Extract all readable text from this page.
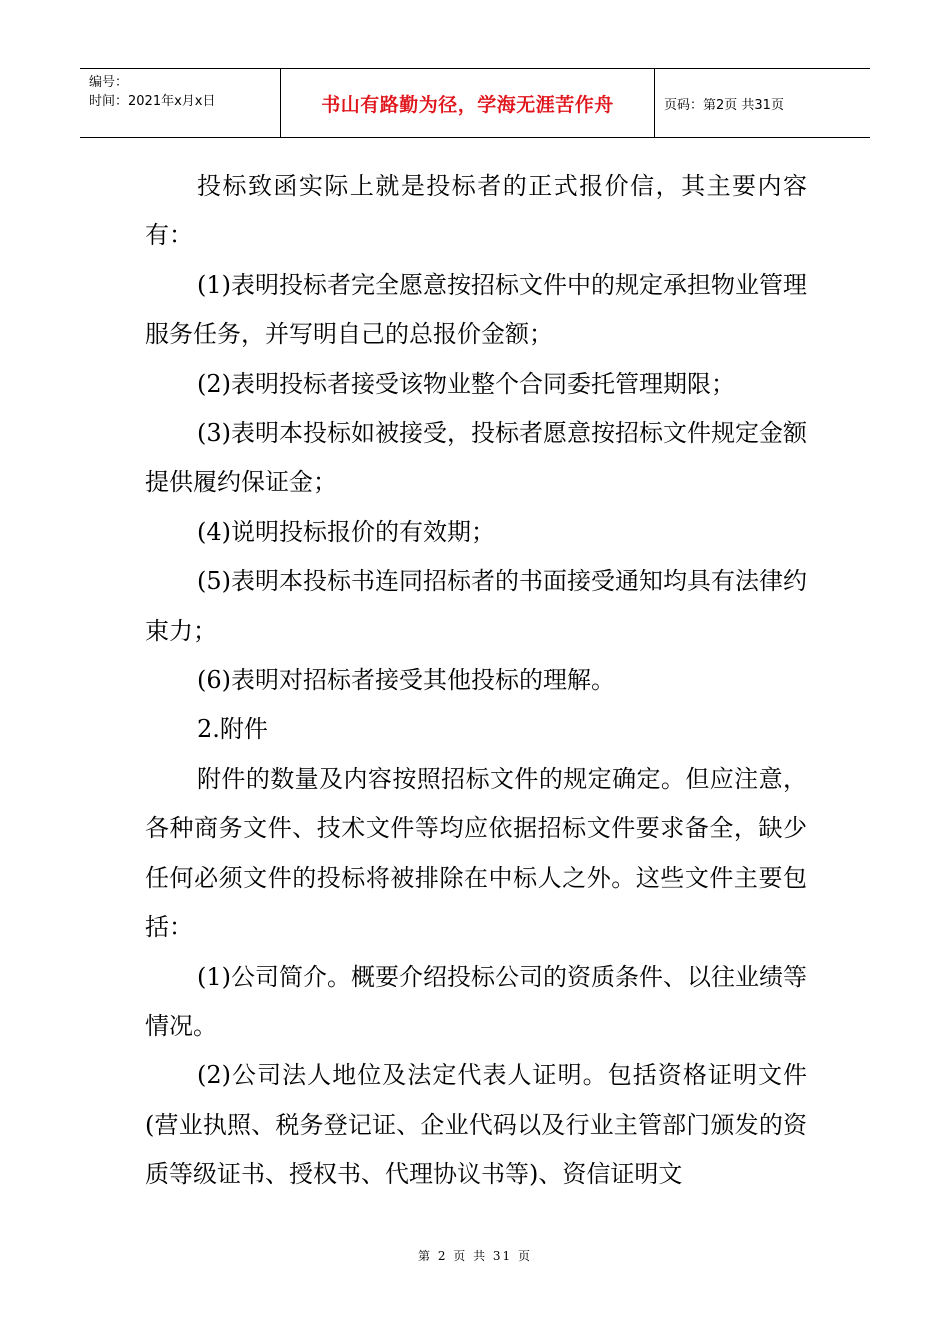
编号：
时间：2021年x月x日	书山有路勤为径，学海无涯苦作舟	页码：第2页 共31页

投标致函实际上就是投标者的正式报价信，其主要内容有：

(1)表明投标者完全愿意按招标文件中的规定承担物业管理服务任务，并写明自己的总报价金额；

(2)表明投标者接受该物业整个合同委托管理期限；

(3)表明本投标如被接受，投标者愿意按招标文件规定金额提供履约保证金；

(4)说明投标报价的有效期；

(5)表明本投标书连同招标者的书面接受通知均具有法律约束力；

(6)表明对招标者接受其他投标的理解。

2.附件

附件的数量及内容按照招标文件的规定确定。但应注意，各种商务文件、技术文件等均应依据招标文件要求备全，缺少任何必须文件的投标将被排除在中标人之外。这些文件主要包括：

(1)公司简介。概要介绍投标公司的资质条件、以往业绩等情况。

(2)公司法人地位及法定代表人证明。包括资格证明文件(营业执照、税务登记证、企业代码以及行业主管部门颁发的资质等级证书、授权书、代理协议书等)、资信证明文

第 2 页 共 31 页
